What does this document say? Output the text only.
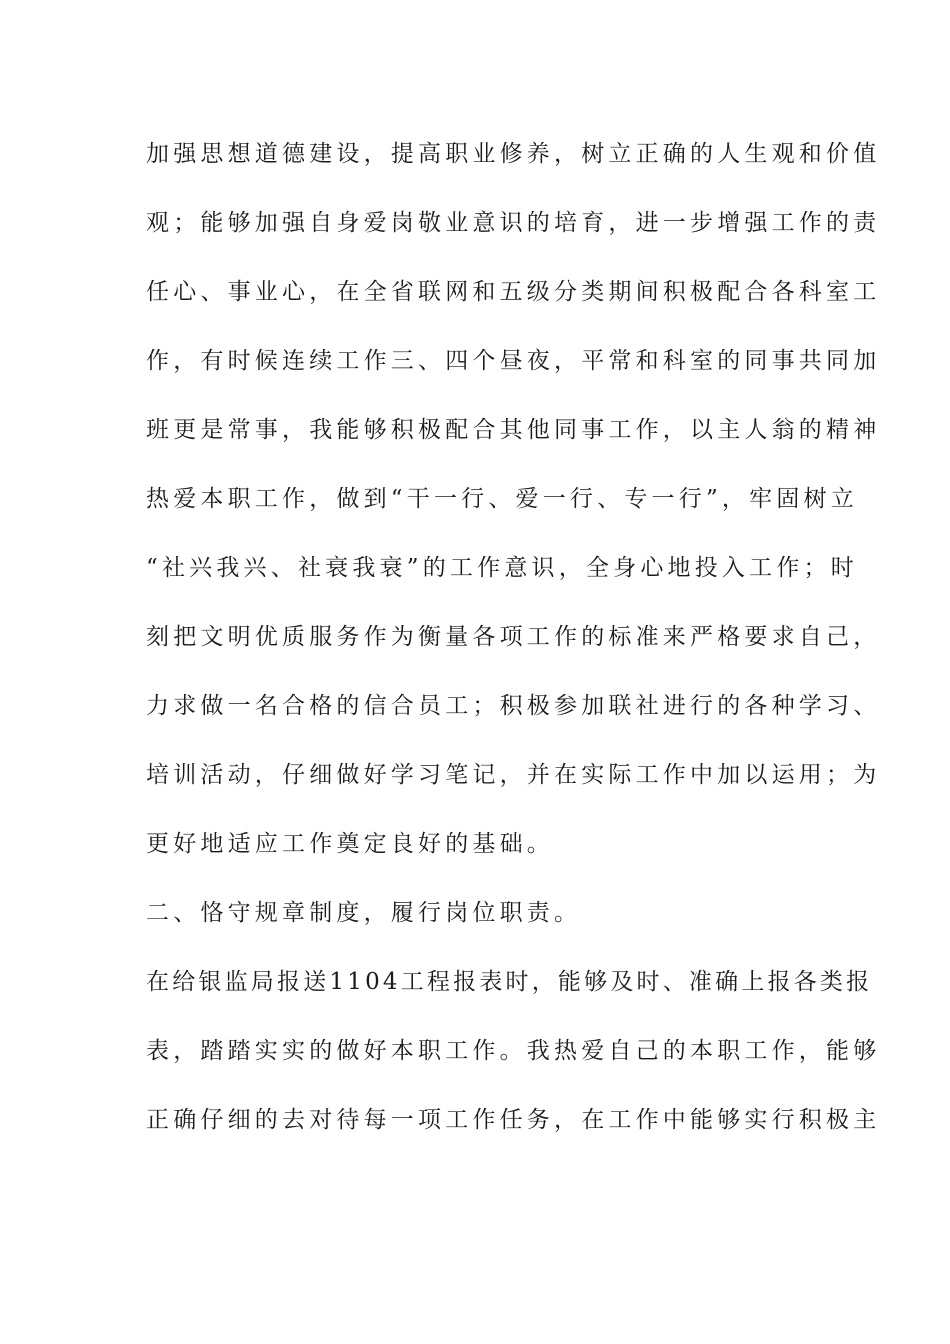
加强思想道德建设，提高职业修养，树立正确的人生观和价值
观；能够加强自身爱岗敬业意识的培育，进一步增强工作的责
任心、事业心，在全省联网和五级分类期间积极配合各科室工
作，有时候连续工作三、四个昼夜，平常和科室的同事共同加
班更是常事，我能够积极配合其他同事工作，以主人翁的精神
热爱本职工作，做到“干一行、爱一行、专一行”，牢固树立
“社兴我兴、社衰我衰”的工作意识，全身心地投入工作；时
刻把文明优质服务作为衡量各项工作的标准来严格要求自己，
力求做一名合格的信合员工；积极参加联社进行的各种学习、
培训活动，仔细做好学习笔记，并在实际工作中加以运用；为
更好地适应工作奠定良好的基础。
二、恪守规章制度，履行岗位职责。
在给银监局报送1104工程报表时，能够及时、准确上报各类报
表，踏踏实实的做好本职工作。我热爱自己的本职工作，能够
正确仔细的去对待每一项工作任务，在工作中能够实行积极主
